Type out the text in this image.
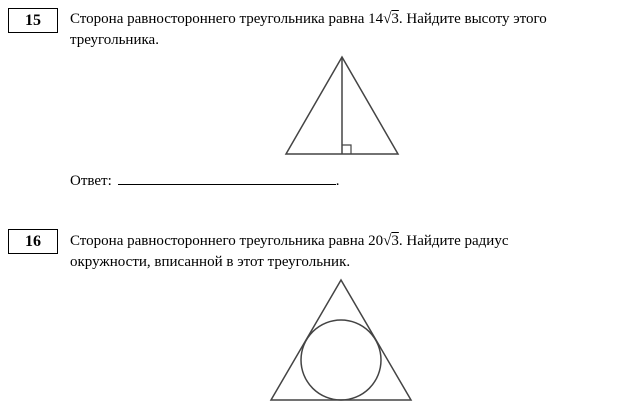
15	Сторона равностороннего треугольника равна 14√3. Найдите высоту этого
треугольника.
Ответ:	.
16	Сторона равностороннего треугольника равна 20√3. Найдите радиус
окружности, вписанной в этот треугольник.
